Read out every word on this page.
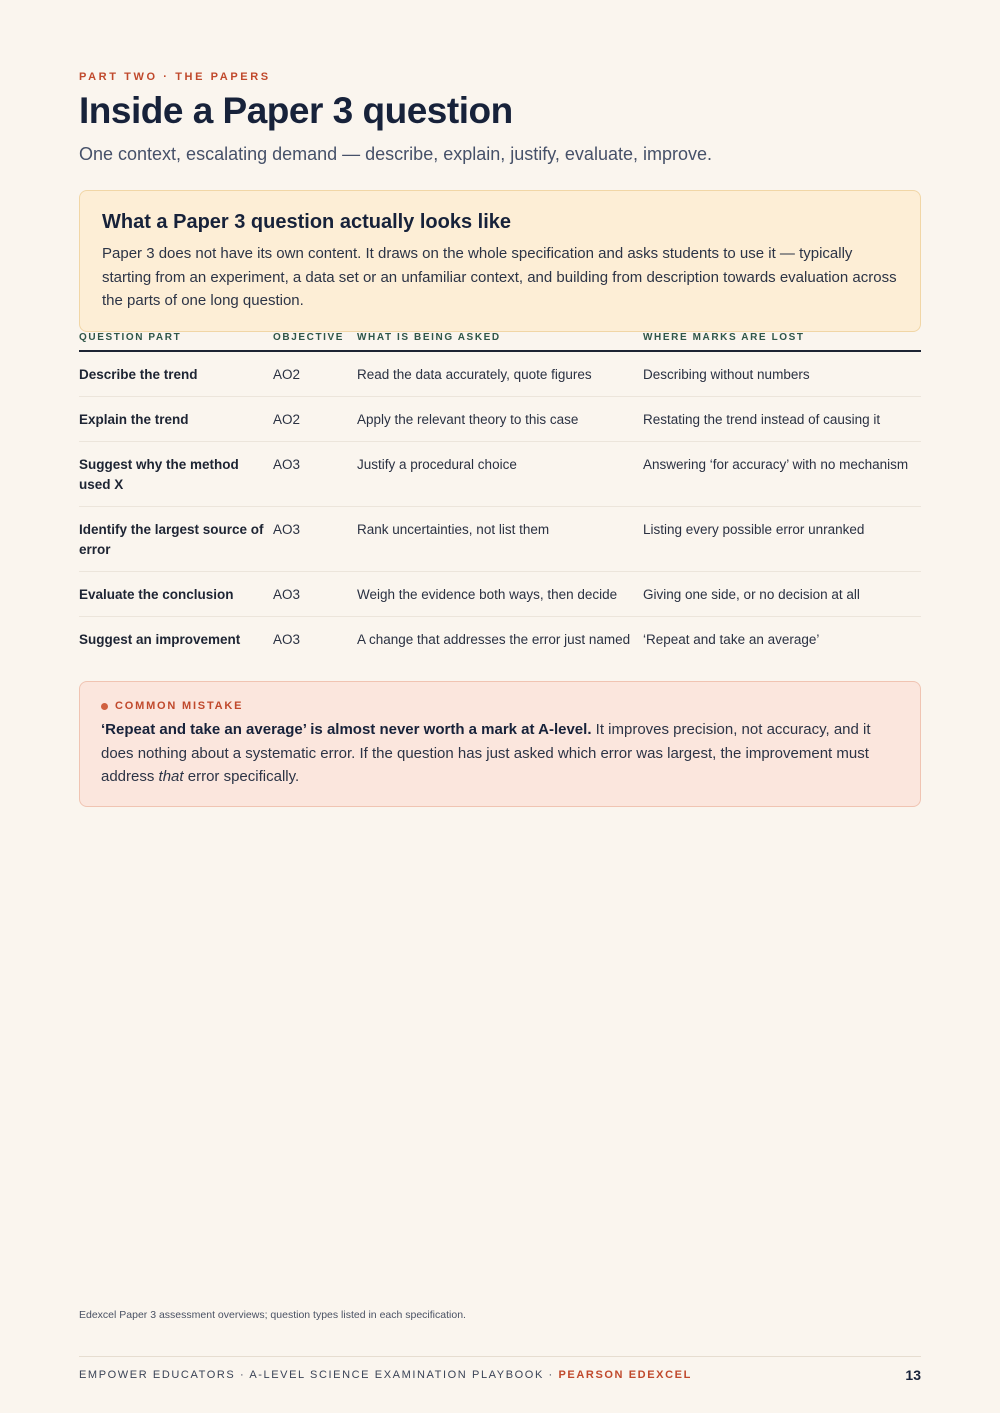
PART TWO · THE PAPERS
Inside a Paper 3 question
One context, escalating demand — describe, explain, justify, evaluate, improve.
What a Paper 3 question actually looks like

Paper 3 does not have its own content. It draws on the whole specification and asks students to use it — typically starting from an experiment, a data set or an unfamiliar context, and building from description towards evaluation across the parts of one long question.

QUESTION PART	OBJECTIVE	WHAT IS BEING ASKED	WHERE MARKS ARE LOST
Describe the trend	AO2	Read the data accurately, quote figures	Describing without numbers
Explain the trend	AO2	Apply the relevant theory to this case	Restating the trend instead of causing it
Suggest why the method used X	AO3	Justify a procedural choice	Answering ‘for accuracy’ with no mechanism
Identify the largest source of error	AO3	Rank uncertainties, not list them	Listing every possible error unranked
Evaluate the conclusion	AO3	Weigh the evidence both ways, then decide	Giving one side, or no decision at all
Suggest an improvement	AO3	A change that addresses the error just named	‘Repeat and take an average’
COMMON MISTAKE

‘Repeat and take an average’ is almost never worth a mark at A-level. It improves precision, not accuracy, and it does nothing about a systematic error. If the question has just asked which error was largest, the improvement must address that error specifically.

Edexcel Paper 3 assessment overviews; question types listed in each specification.
EMPOWER EDUCATORS · A-LEVEL SCIENCE EXAMINATION PLAYBOOK · PEARSON EDEXCEL	13
